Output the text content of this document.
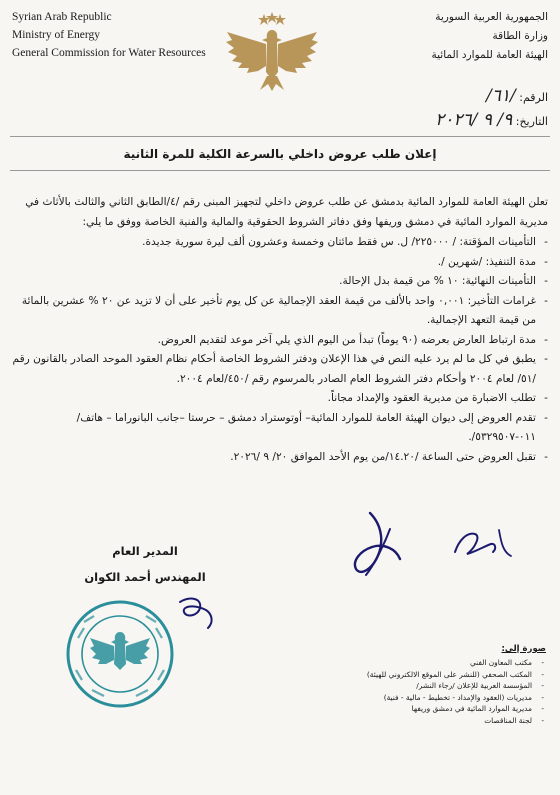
Syrian Arab Republic
Ministry of Energy
General Commission for Water Resources
الجمهورية العربية السورية
وزارة الطاقة
الهيئة العامة للموارد المائية
الرقم: /٦١/
التاريخ: ٩/ ٩ /٢٠٢٦
إعلان طلب عروض داخلي بالسرعة الكلية للمرة الثانية

تعلن الهيئة العامة للموارد المائية بدمشق عن طلب عروض داخلي لتجهيز المبنى رقم /٤/الطابق الثاني والثالث بالأثاث في مديرية الموارد المائية في دمشق وريفها وفق دفاتر الشروط الحقوقية والمالية والفنية الخاصة ووفق ما يلي:

- التأمينات المؤقتة: / ٢٢٥٠٠٠/ ل. س فقط مائتان وخمسة وعشرون ألف ليرة سورية جديدة.
- مدة التنفيذ: /شهرين /.
- التأمينات النهائية: ١٠ % من قيمة بدل الإحالة.
- غرامات التأخير: ٠,٠٠١ واحد بالألف من قيمة العقد الإجمالية عن كل يوم تأخير على أن لا تزيد عن ٢٠ % عشرين بالمائة من قيمة التعهد الإجمالية.
- مدة ارتباط العارض بعرضه (٩٠ يوماً) تبدأ من اليوم الذي يلي آخر موعد لتقديم العروض.
- يطبق في كل ما لم يرد عليه النص في هذا الإعلان ودفتر الشروط الخاصة أحكام نظام العقود الموحد الصادر بالقانون رقم /٥١/ لعام ٢٠٠٤ وأحكام دفتر الشروط العام الصادر بالمرسوم رقم /٤٥٠/لعام ٢٠٠٤.
- تطلب الاضبارة من مديرية العقود والإمداد مجاناً.
- تقدم العروض إلى ديوان الهيئة العامة للموارد المائية– أوتوستراد دمشق – حرستا –جانب البانوراما – هاتف/٠١١-٥٣٢٩٥٠٧/.
- تقبل العروض حتى الساعة /١٤.٢٠/من يوم الأحد الموافق ٢٠/ ٩ /٢٠٢٦.
المدير العام
المهندس أحمد الكوان
صورة إلى:
- مكتب المعاون الفني
- المكتب الصحفي (للنشر على الموقع الالكتروني للهيئة)
- المؤسسة العربية للإعلان /رجاء النشر/
- مديريات (العقود والإمداد - تخطيط - مالية - فنية)
- مديرية الموارد المائية في دمشق وريفها
- لجنة المناقصات
